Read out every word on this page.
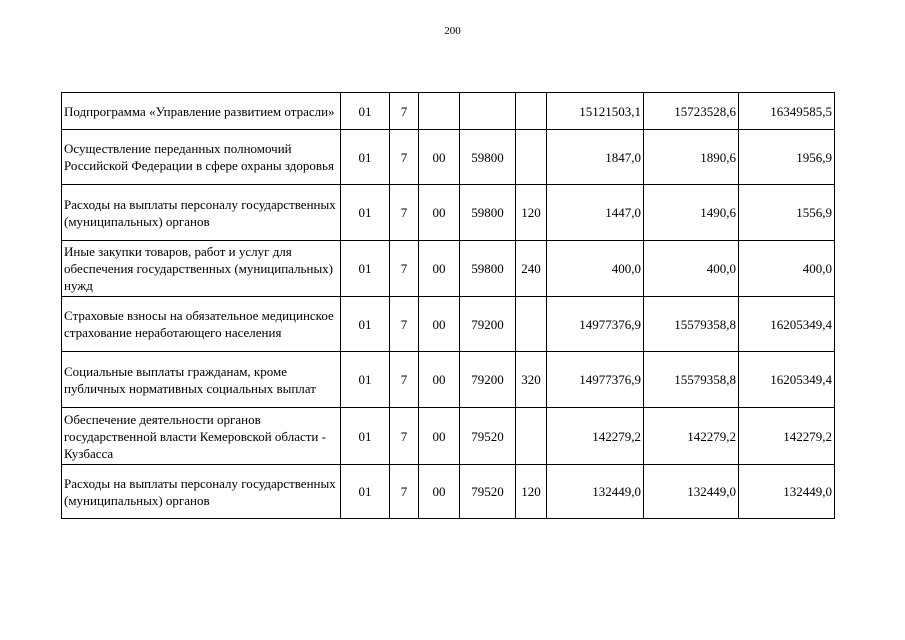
200
Подпрограмма «Управление развитием отрасли»	01	7				15121503,1	15723528,6	16349585,5
Осуществление переданных полномочий Российской Федерации в сфере охраны здоровья	01	7	00	59800		1847,0	1890,6	1956,9
Расходы на выплаты персоналу государственных (муниципальных) органов	01	7	00	59800	120	1447,0	1490,6	1556,9
Иные закупки товаров, работ и услуг для обеспечения государственных (муниципальных) нужд	01	7	00	59800	240	400,0	400,0	400,0
Страховые взносы на обязательное медицинское страхование неработающего населения	01	7	00	79200		14977376,9	15579358,8	16205349,4
Социальные выплаты гражданам, кроме публичных нормативных социальных выплат	01	7	00	79200	320	14977376,9	15579358,8	16205349,4
Обеспечение деятельности органов государственной власти Кемеровской области - Кузбасса	01	7	00	79520		142279,2	142279,2	142279,2
Расходы на выплаты персоналу государственных (муниципальных) органов	01	7	00	79520	120	132449,0	132449,0	132449,0
